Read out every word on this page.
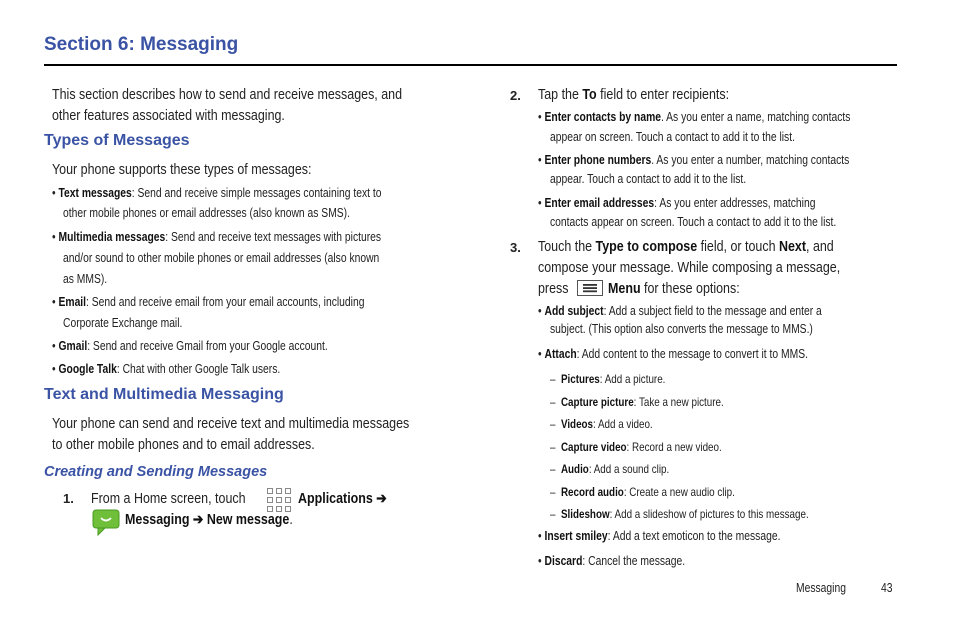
Section 6: Messaging
This section describes how to send and receive messages, and
other features associated with messaging.
Types of Messages
Your phone supports these types of messages:
• Text messages: Send and receive simple messages containing text to
other mobile phones or email addresses (also known as SMS).
• Multimedia messages: Send and receive text messages with pictures
and/or sound to other mobile phones or email addresses (also known
as MMS).
• Email: Send and receive email from your email accounts, including
Corporate Exchange mail.
• Gmail: Send and receive Gmail from your Google account.
• Google Talk: Chat with other Google Talk users.
Text and Multimedia Messaging
Your phone can send and receive text and multimedia messages
to other mobile phones and to email addresses.
Creating and Sending Messages
1. From a Home screen, touch	Applications ➔
Messaging ➔ New message.
2. Tap the To field to enter recipients:
• Enter contacts by name. As you enter a name, matching contacts
appear on screen. Touch a contact to add it to the list.
• Enter phone numbers. As you enter a number, matching contacts
appear. Touch a contact to add it to the list.
• Enter email addresses: As you enter addresses, matching
contacts appear on screen. Touch a contact to add it to the list.
3. Touch the Type to compose field, or touch Next, and
compose your message. While composing a message,
press	Menu for these options:
• Add subject: Add a subject field to the message and enter a
subject. (This option also converts the message to MMS.)
• Attach: Add content to the message to convert it to MMS.
–  Pictures: Add a picture.
–  Capture picture: Take a new picture.
–  Videos: Add a video.
–  Capture video: Record a new video.
–  Audio: Add a sound clip.
–  Record audio: Create a new audio clip.
–  Slideshow: Add a slideshow of pictures to this message.
• Insert smiley: Add a text emoticon to the message.
• Discard: Cancel the message.
Messaging	43
